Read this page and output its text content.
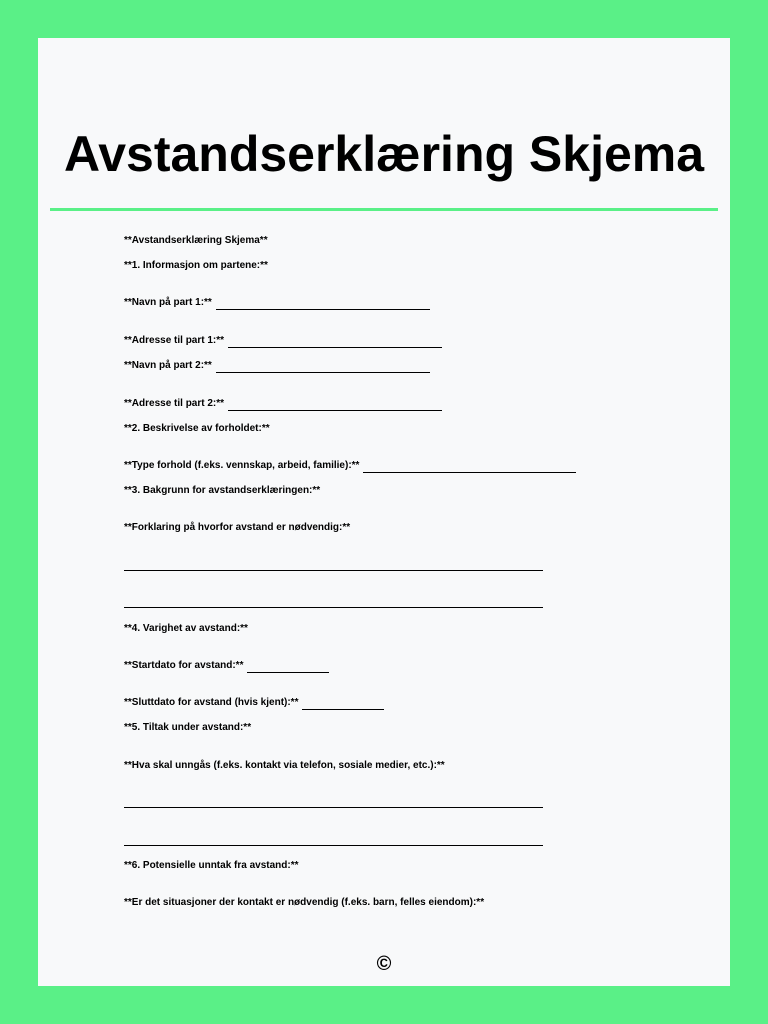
Avstandserklæring Skjema
**Avstandserklæring Skjema**
**1. Informasjon om partene:**
**Navn på part 1:**
**Adresse til part 1:**
**Navn på part 2:**
**Adresse til part 2:**
**2. Beskrivelse av forholdet:**
**Type forhold (f.eks. vennskap, arbeid, familie):**
**3. Bakgrunn for avstandserklæringen:**
**Forklaring på hvorfor avstand er nødvendig:**
**4. Varighet av avstand:**
**Startdato for avstand:**
**Sluttdato for avstand (hvis kjent):**
**5. Tiltak under avstand:**
**Hva skal unngås (f.eks. kontakt via telefon, sosiale medier, etc.):**
**6. Potensielle unntak fra avstand:**
**Er det situasjoner der kontakt er nødvendig (f.eks. barn, felles eiendom):**
©
